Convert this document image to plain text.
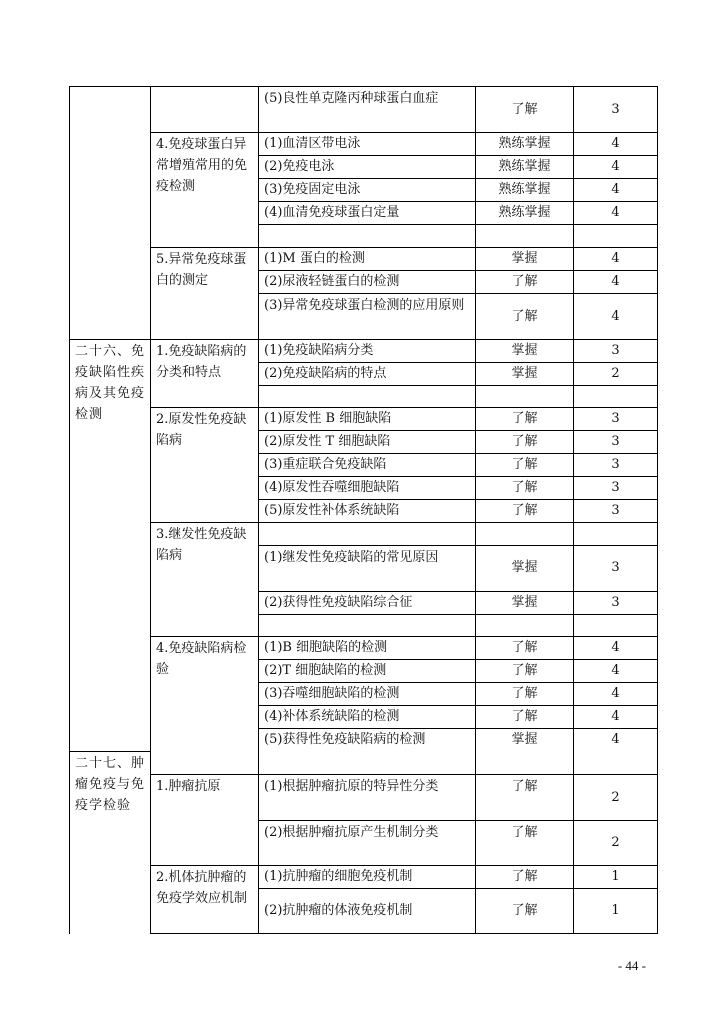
二十六、免疫缺陷性疾病及其免疫检测
二十七、肿瘤免疫与免疫学检验
4.免疫球蛋白异常增殖常用的免疫检测
5.异常免疫球蛋白的测定
1.免疫缺陷病的分类和特点
2.原发性免疫缺陷病
3.继发性免疫缺陷病
4.免疫缺陷病检验
1.肿瘤抗原
2.机体抗肿瘤的免疫学效应机制
(5)良性单克隆丙种球蛋白血症
(1)血清区带电泳
(2)免疫电泳
(3)免疫固定电泳
(4)血清免疫球蛋白定量
(1)M 蛋白的检测
(2)尿液轻链蛋白的检测
(3)异常免疫球蛋白检测的应用原则
(1)免疫缺陷病分类
(2)免疫缺陷病的特点
(1)原发性 B 细胞缺陷
(2)原发性 T 细胞缺陷
(3)重症联合免疫缺陷
(4)原发性吞噬细胞缺陷
(5)原发性补体系统缺陷
(1)继发性免疫缺陷的常见原因
(2)获得性免疫缺陷综合征
(1)B 细胞缺陷的检测
(2)T 细胞缺陷的检测
(3)吞噬细胞缺陷的检测
(4)补体系统缺陷的检测
(5)获得性免疫缺陷病的检测
(1)根据肿瘤抗原的特异性分类
(2)根据肿瘤抗原产生机制分类
(1)抗肿瘤的细胞免疫机制
(2)抗肿瘤的体液免疫机制
了解
熟练掌握
熟练掌握
熟练掌握
熟练掌握
掌握
了解
了解
掌握
掌握
了解
了解
了解
了解
了解
掌握
掌握
了解
了解
了解
了解
掌握
了解
了解
了解
了解
3
4
4
4
4
4
4
4
3
2
3
3
3
3
3
3
3
4
4
4
4
4
2
2
1
1
- 44 -
